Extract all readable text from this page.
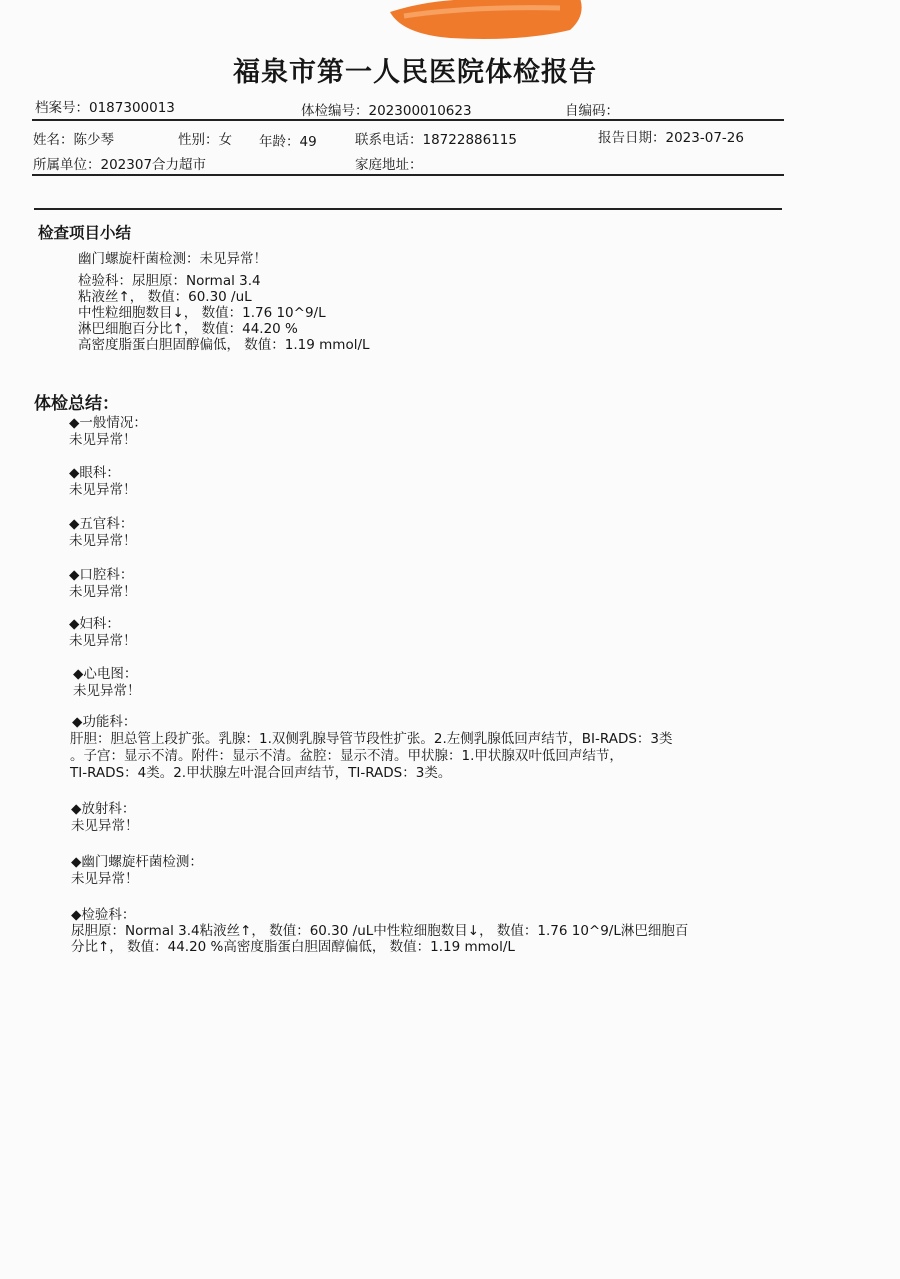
福泉市第一人民医院体检报告
档案号：0187300013	体检编号：202300010623	自编码：
姓名：陈少琴	性别：女 年龄：49	联系电话：18722886115	报告日期：2023-07-26
所属单位：202307合力超市	家庭地址：
检查项目小结
幽门螺旋杆菌检测：未见异常！
检验科：尿胆原：Normal 3.4
粘液丝↑， 数值：60.30 /uL
中性粒细胞数目↓， 数值：1.76 10^9/L
淋巴细胞百分比↑， 数值：44.20 %
高密度脂蛋白胆固醇偏低， 数值：1.19 mmol/L
体检总结：
◆一般情况：
未见异常！
◆眼科：
未见异常！
◆五官科：
未见异常！
◆口腔科：
未见异常！
◆妇科：
未见异常！
◆心电图：
未见异常！
◆功能科：
肝胆：胆总管上段扩张。乳腺：1.双侧乳腺导管节段性扩张。2.左侧乳腺低回声结节，BI-RADS：3类
。子宫：显示不清。附件：显示不清。盆腔：显示不清。甲状腺：1.甲状腺双叶低回声结节，
TI-RADS：4类。2.甲状腺左叶混合回声结节，TI-RADS：3类。
◆放射科：
未见异常！
◆幽门螺旋杆菌检测：
未见异常！
◆检验科：
尿胆原：Normal 3.4粘液丝↑， 数值：60.30 /uL中性粒细胞数目↓， 数值：1.76 10^9/L淋巴细胞百
分比↑， 数值：44.20 %高密度脂蛋白胆固醇偏低， 数值：1.19 mmol/L
